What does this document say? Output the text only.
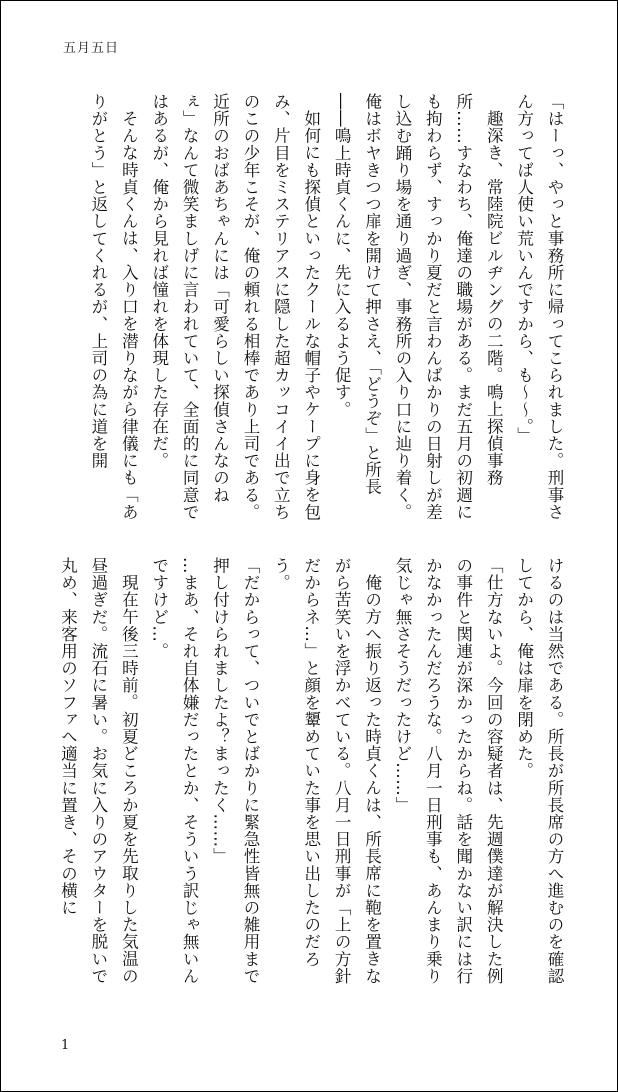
五月五日

「はーっ、やっと事務所に帰ってこられました。刑事さん方ってば人使い荒いんですから、も〜〜。」

趣深き、常陸院ビルヂングの二階。鳴上探偵事務所……すなわち、俺達の職場がある。まだ五月の初週にも拘わらず、すっかり夏だと言わんばかりの日射しが差し込む踊り場を通り過ぎ、事務所の入り口に辿り着く。俺はボヤきつつ扉を開けて押さえ、「どうぞ」と所長――鳴上時貞くんに、先に入るよう促す。

如何にも探偵といったクールな帽子やケープに身を包み、片目をミステリアスに隠した超カッコイイ出で立ちのこの少年こそが、俺の頼れる相棒であり上司である。近所のおばあちゃんには「可愛らしい探偵さんなのねぇ」なんて微笑ましげに言われていて、全面的に同意ではあるが、俺から見れば憧れを体現した存在だ。

そんな時貞くんは、入り口を潜りながら律儀にも「ありがとう」と返してくれるが、上司の為に道を開

けるのは当然である。所長が所長席の方へ進むのを確認してから、俺は扉を閉めた。

「仕方ないよ。今回の容疑者は、先週僕達が解決した例の事件と関連が深かったからね。話を聞かない訳には行かなかったんだろうな。八月一日刑事も、あんまり乗り気じゃ無さそうだったけど……」

俺の方へ振り返った時貞くんは、所長席に鞄を置きながら苦笑いを浮かべている。八月一日刑事が「上の方針だからネ…」と顔を顰めていた事を思い出したのだろう。

「だからって、ついでとばかりに緊急性皆無の雑用まで押し付けられましたよ？まったく……」

…まあ、それ自体嫌だったとか、そういう訳じゃ無いんですけど…。

現在午後三時前。初夏どころか夏を先取りした気温の昼過ぎだ。流石に暑い。お気に入りのアウターを脱いで丸め、来客用のソファへ適当に置き、その横に

1
